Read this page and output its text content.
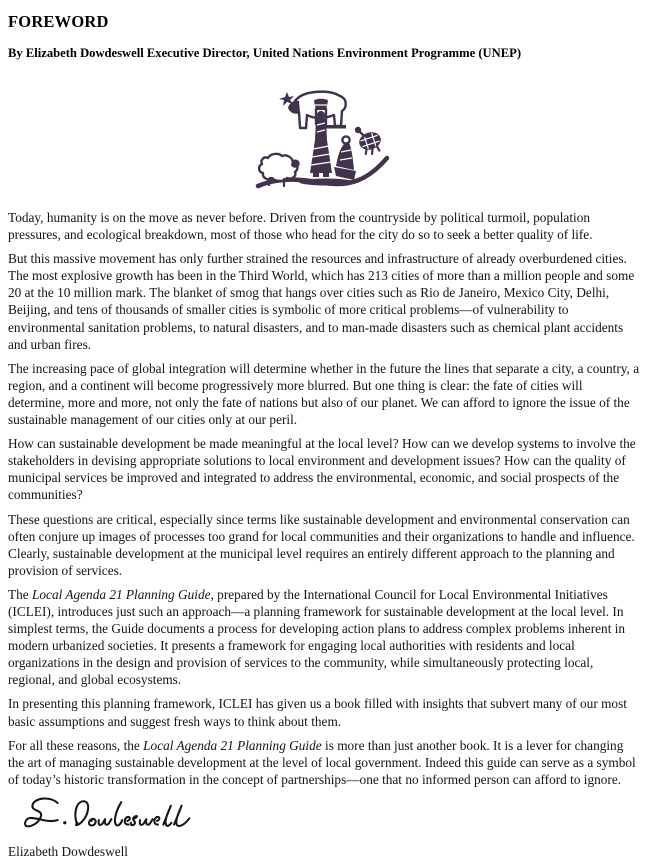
FOREWORD

By Elizabeth Dowdeswell Executive Director, United Nations Environment Programme (UNEP)

Today, humanity is on the move as never before. Driven from the countryside by political turmoil, population pressures, and ecological breakdown, most of those who head for the city do so to seek a better quality of life.

But this massive movement has only further strained the resources and infrastructure of already overburdened cities. The most explosive growth has been in the Third World, which has 213 cities of more than a million people and some 20 at the 10 million mark. The blanket of smog that hangs over cities such as Rio de Janeiro, Mexico City, Delhi, Beijing, and tens of thousands of smaller cities is symbolic of more critical problems—of vulnerability to environmental sanitation problems, to natural disasters, and to man-made disasters such as chemical plant accidents and urban fires.

The increasing pace of global integration will determine whether in the future the lines that separate a city, a country, a region, and a continent will become progressively more blurred. But one thing is clear: the fate of cities will determine, more and more, not only the fate of nations but also of our planet. We can afford to ignore the issue of the sustainable management of our cities only at our peril.

How can sustainable development be made meaningful at the local level? How can we develop systems to involve the stakeholders in devising appropriate solutions to local environment and development issues? How can the quality of municipal services be improved and integrated to address the environmental, economic, and social prospects of the communities?

These questions are critical, especially since terms like sustainable development and environmental conservation can often conjure up images of processes too grand for local communities and their organizations to handle and influence. Clearly, sustainable development at the municipal level requires an entirely different approach to the planning and provision of services.

The Local Agenda 21 Planning Guide, prepared by the International Council for Local Environmental Initiatives (ICLEI), introduces just such an approach—a planning framework for sustainable development at the local level. In simplest terms, the Guide documents a process for developing action plans to address complex problems inherent in modern urbanized societies. It presents a framework for engaging local authorities with residents and local organizations in the design and provision of services to the community, while simultaneously protecting local, regional, and global ecosystems.

In presenting this planning framework, ICLEI has given us a book filled with insights that subvert many of our most basic assumptions and suggest fresh ways to think about them.

For all these reasons, the Local Agenda 21 Planning Guide is more than just another book. It is a lever for changing the art of managing sustainable development at the level of local government. Indeed this guide can serve as a symbol of today’s historic transformation in the concept of partnerships—one that no informed person can afford to ignore.

Elizabeth Dowdeswell
